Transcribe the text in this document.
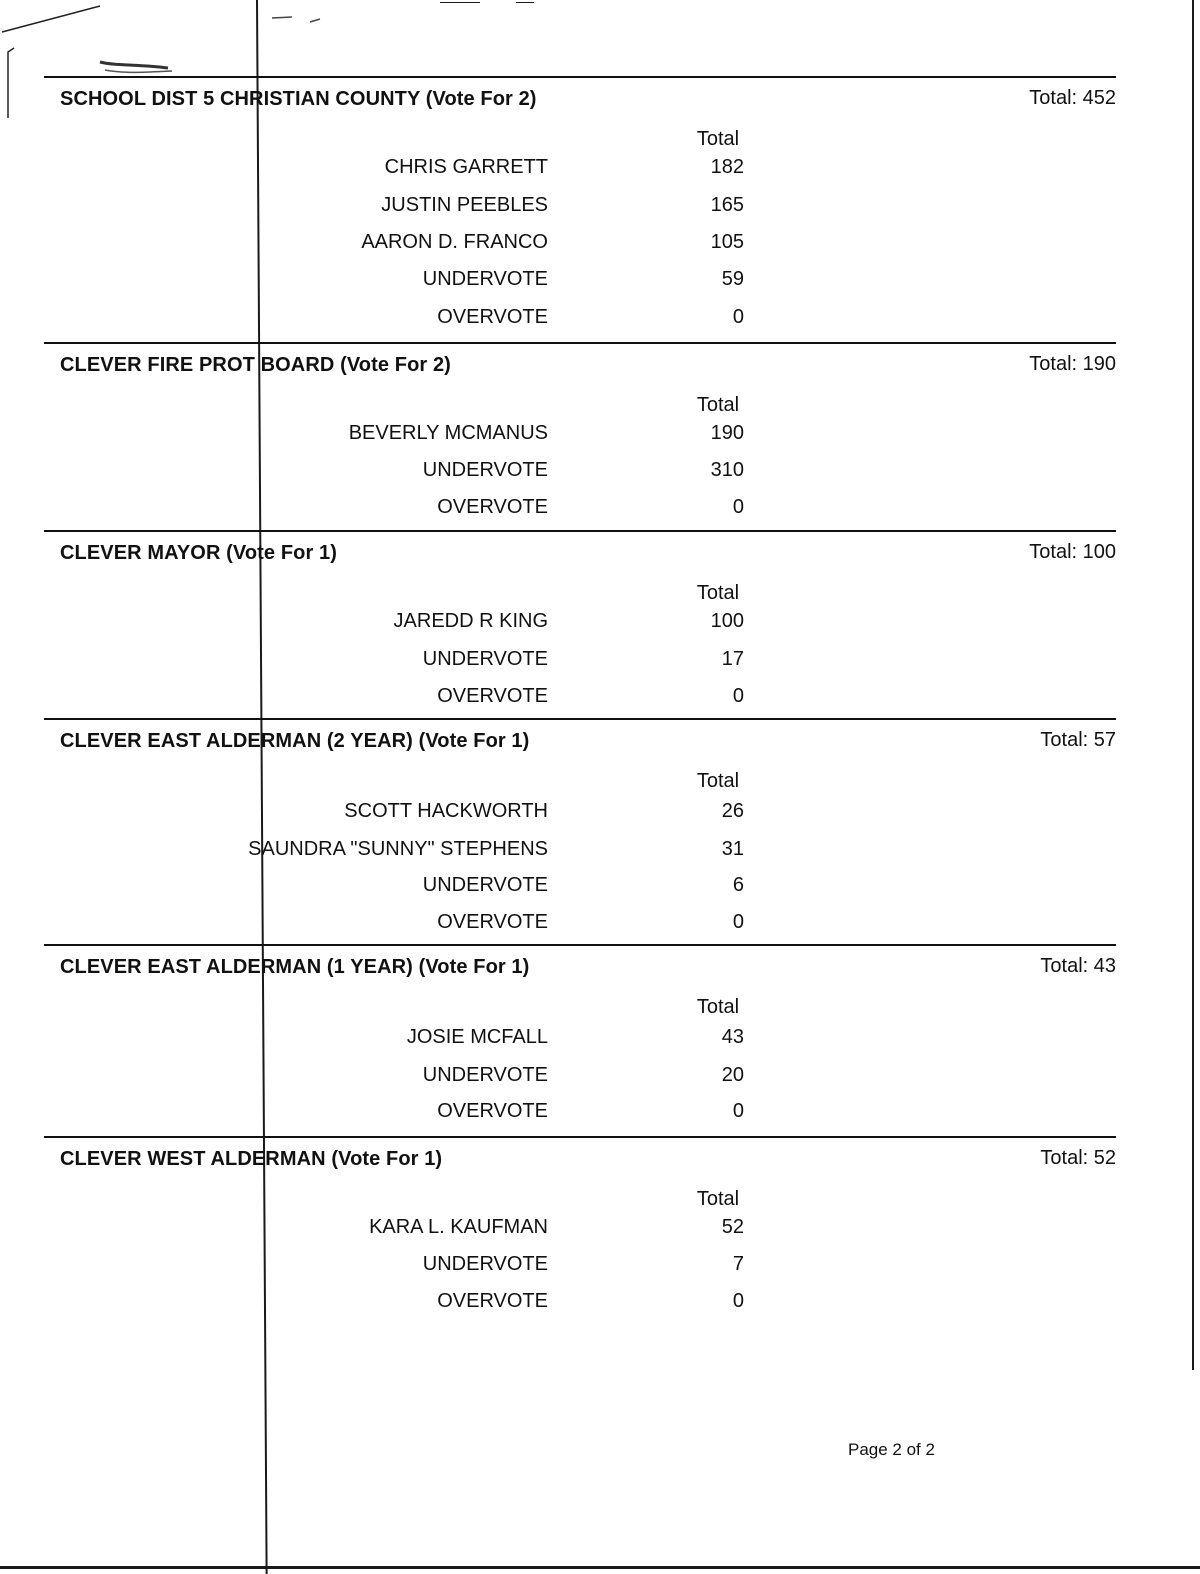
SCHOOL DIST 5 CHRISTIAN COUNTY (Vote For 2)	Total: 452
Total
CHRIS GARRETT	182
JUSTIN PEEBLES	165
AARON D. FRANCO	105
UNDERVOTE	59
OVERVOTE	0
CLEVER FIRE PROT BOARD (Vote For 2)	Total: 190
Total
BEVERLY MCMANUS	190
UNDERVOTE	310
OVERVOTE	0
CLEVER MAYOR (Vote For 1)	Total: 100
Total
JAREDD R KING	100
UNDERVOTE	17
OVERVOTE	0
CLEVER EAST ALDERMAN (2 YEAR) (Vote For 1)	Total: 57
Total
SCOTT HACKWORTH	26
SAUNDRA "SUNNY" STEPHENS	31
UNDERVOTE	6
OVERVOTE	0
CLEVER EAST ALDERMAN (1 YEAR) (Vote For 1)	Total: 43
Total
JOSIE MCFALL	43
UNDERVOTE	20
OVERVOTE	0
CLEVER WEST ALDERMAN (Vote For 1)	Total: 52
Total
KARA L. KAUFMAN	52
UNDERVOTE	7
OVERVOTE	0
Page 2 of 2
